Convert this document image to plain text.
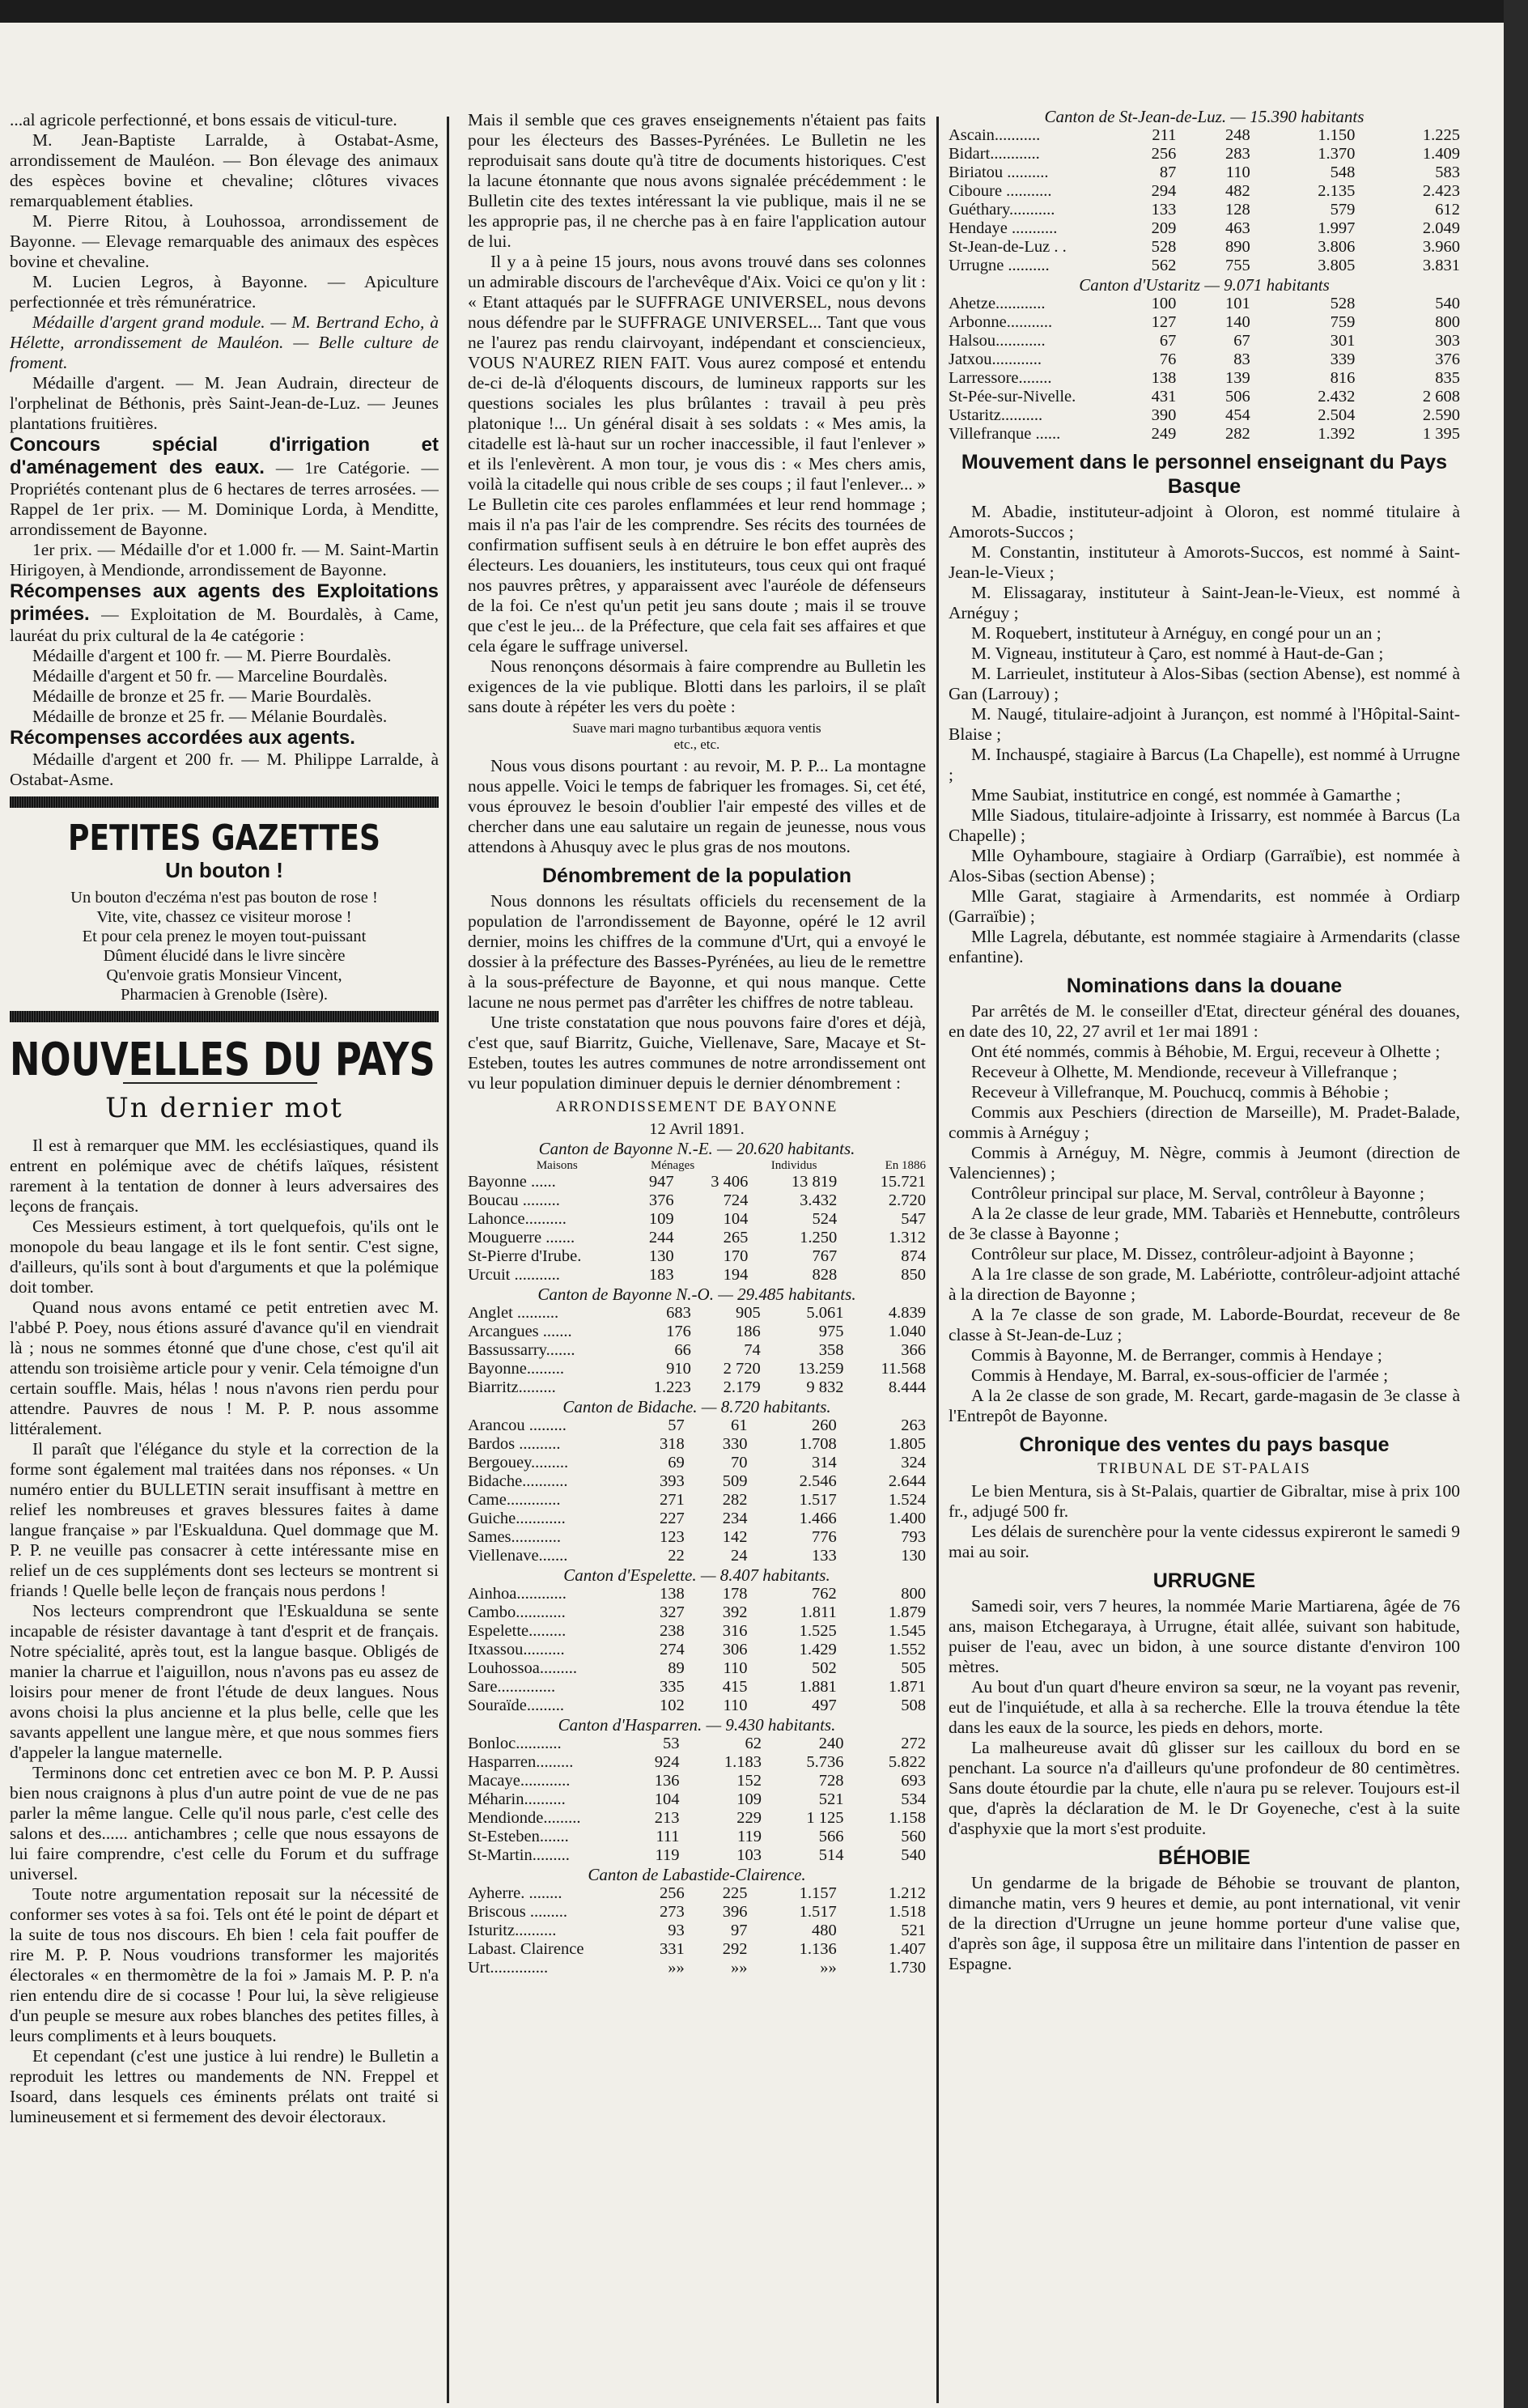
...al agricole perfectionné, et bons essais de viticul-ture.

M. Jean-Baptiste Larralde, à Ostabat-Asme, arrondissement de Mauléon. — Bon élevage des animaux des espèces bovine et chevaline; clôtures vivaces remarquablement établies.

M. Pierre Ritou, à Louhossoa, arrondissement de Bayonne. — Elevage remarquable des animaux des espèces bovine et chevaline.

M. Lucien Legros, à Bayonne. — Apiculture perfectionnée et très rémunératrice.

Médaille d'argent grand module. — M. Bertrand Echo, à Hélette, arrondissement de Mauléon. — Belle culture de froment.

Médaille d'argent. — M. Jean Audrain, directeur de l'orphelinat de Béthonis, près Saint-Jean-de-Luz. — Jeunes plantations fruitières.

Concours spécial d'irrigation et d'aménagement des eaux. — 1re Catégorie. — Propriétés contenant plus de 6 hectares de terres arrosées. — Rappel de 1er prix. — M. Dominique Lorda, à Menditte, arrondissement de Bayonne.

1er prix. — Médaille d'or et 1.000 fr. — M. Saint-Martin Hirigoyen, à Mendionde, arrondissement de Bayonne.

Récompenses aux agents des Exploitations primées. — Exploitation de M. Bourdalès, à Came, lauréat du prix cultural de la 4e catégorie :

Médaille d'argent et 100 fr. — M. Pierre Bourdalès.

Médaille d'argent et 50 fr. — Marceline Bourdalès.

Médaille de bronze et 25 fr. — Marie Bourdalès.

Médaille de bronze et 25 fr. — Mélanie Bourdalès.

Récompenses accordées aux agents.

Médaille d'argent et 200 fr. — M. Philippe Larralde, à Ostabat-Asme.

PETITES GAZETTES
Un bouton !
Un bouton d'eczéma n'est pas bouton de rose !
Vite, vite, chassez ce visiteur morose !
Et pour cela prenez le moyen tout-puissant
Dûment élucidé dans le livre sincère
Qu'envoie gratis Monsieur Vincent,
Pharmacien à Grenoble (Isère).
NOUVELLES DU PAYS
Un dernier mot

Il est à remarquer que MM. les ecclésiastiques, quand ils entrent en polémique avec de chétifs laïques, résistent rarement à la tentation de donner à leurs adversaires des leçons de français.

Ces Messieurs estiment, à tort quelquefois, qu'ils ont le monopole du beau langage et ils le font sentir. C'est signe, d'ailleurs, qu'ils sont à bout d'arguments et que la polémique doit tomber.

Quand nous avons entamé ce petit entretien avec M. l'abbé P. Poey, nous étions assuré d'avance qu'il en viendrait là ; nous ne sommes étonné que d'une chose, c'est qu'il ait attendu son troisième article pour y venir. Cela témoigne d'un certain souffle. Mais, hélas ! nous n'avons rien perdu pour attendre. Pauvres de nous ! M. P. P. nous assomme littéralement.

Il paraît que l'élégance du style et la correction de la forme sont également mal traitées dans nos réponses. « Un numéro entier du BULLETIN serait insuffisant à mettre en relief les nombreuses et graves blessures faites à dame langue française » par l'Eskualduna. Quel dommage que M. P. P. ne veuille pas consacrer à cette intéressante mise en relief un de ces suppléments dont ses lecteurs se montrent si friands ! Quelle belle leçon de français nous perdons !

Nos lecteurs comprendront que l'Eskualduna se sente incapable de résister davantage à tant d'esprit et de français. Notre spécialité, après tout, est la langue basque. Obligés de manier la charrue et l'aiguillon, nous n'avons pas eu assez de loisirs pour mener de front l'étude de deux langues. Nous avons choisi la plus ancienne et la plus belle, celle que les savants appellent une langue mère, et que nous sommes fiers d'appeler la langue maternelle.

Terminons donc cet entretien avec ce bon M. P. P. Aussi bien nous craignons à plus d'un autre point de vue de ne pas parler la même langue. Celle qu'il nous parle, c'est celle des salons et des...... antichambres ; celle que nous essayons de lui faire comprendre, c'est celle du Forum et du suffrage universel.

Toute notre argumentation reposait sur la nécessité de conformer ses votes à sa foi. Tels ont été le point de départ et la suite de tous nos discours. Eh bien ! cela fait pouffer de rire M. P. P. Nous voudrions transformer les majorités électorales « en thermomètre de la foi » Jamais M. P. P. n'a rien entendu dire de si cocasse ! Pour lui, la sève religieuse d'un peuple se mesure aux robes blanches des petites filles, à leurs compliments et à leurs bouquets.

Et cependant (c'est une justice à lui rendre) le Bulletin a reproduit les lettres ou mandements de NN. Freppel et Isoard, dans lesquels ces éminents prélats ont traité si lumineusement et si fermement des devoir électoraux.

Mais il semble que ces graves enseignements n'étaient pas faits pour les électeurs des Basses-Pyrénées. Le Bulletin ne les reproduisait sans doute qu'à titre de documents historiques. C'est la lacune étonnante que nous avons signalée précédemment : le Bulletin cite des textes intéressant la vie publique, mais il ne se les approprie pas, il ne cherche pas à en faire l'application autour de lui.

Il y a à peine 15 jours, nous avons trouvé dans ses colonnes un admirable discours de l'archevêque d'Aix. Voici ce qu'on y lit : « Etant attaqués par le SUFFRAGE UNIVERSEL, nous devons nous défendre par le SUFFRAGE UNIVERSEL... Tant que vous ne l'aurez pas rendu clairvoyant, indépendant et consciencieux, VOUS N'AUREZ RIEN FAIT. Vous aurez composé et entendu de-ci de-là d'éloquents discours, de lumineux rapports sur les questions sociales les plus brûlantes : travail à peu près platonique !... Un général disait à ses soldats : « Mes amis, la citadelle est là-haut sur un rocher inaccessible, il faut l'enlever » et ils l'enlevèrent. A mon tour, je vous dis : « Mes chers amis, voilà la citadelle qui nous crible de ses coups ; il faut l'enlever... » Le Bulletin cite ces paroles enflammées et leur rend hommage ; mais il n'a pas l'air de les comprendre. Ses récits des tournées de confirmation suffisent seuls à en détruire le bon effet auprès des électeurs. Les douaniers, les instituteurs, tous ceux qui ont fraqué nos pauvres prêtres, y apparaissent avec l'auréole de défenseurs de la foi. Ce n'est qu'un petit jeu sans doute ; mais il se trouve que c'est le jeu... de la Préfecture, que cela fait ses affaires et que cela égare le suffrage universel.

Nous renonçons désormais à faire comprendre au Bulletin les exigences de la vie publique. Blotti dans les parloirs, il se plaît sans doute à répéter les vers du poète :

Suave mari magno turbantibus æquora ventis
etc., etc.

Nous vous disons pourtant : au revoir, M. P. P... La montagne nous appelle. Voici le temps de fabriquer les fromages. Si, cet été, vous éprouvez le besoin d'oublier l'air empesté des villes et de chercher dans une eau salutaire un regain de jeunesse, nous vous attendons à Ahusquy avec le plus gras de nos moutons.

Dénombrement de la population

Nous donnons les résultats officiels du recensement de la population de l'arrondissement de Bayonne, opéré le 12 avril dernier, moins les chiffres de la commune d'Urt, qui a envoyé le dossier à la préfecture des Basses-Pyrénées, au lieu de le remettre à la sous-préfecture de Bayonne, et qui nous manque. Cette lacune ne nous permet pas d'arrêter les chiffres de notre tableau.

Une triste constatation que nous pouvons faire d'ores et déjà, c'est que, sauf Biarritz, Guiche, Viellenave, Sare, Macaye et St-Esteben, toutes les autres communes de notre arrondissement ont vu leur population diminuer depuis le dernier dénombrement :

ARRONDISSEMENT DE BAYONNE
12 Avril 1891.
Canton de Bayonne N.-E. — 20.620 habitants.
	Maisons	Ménages	Individus	En 1886
Bayonne ......	947	3 406	13 819	15.721
Boucau .........	376	724	3.432	2.720
Lahonce..........	109	104	524	547
Mouguerre .......	244	265	1.250	1.312
St-Pierre d'Irube.	130	170	767	874
Urcuit ...........	183	194	828	850
Canton de Bayonne N.-O. — 29.485 habitants.
Anglet ..........	683	905	5.061	4.839
Arcangues .......	176	186	975	1.040
Bassussarry.......	66	74	358	366
Bayonne.........	910	2 720	13.259	11.568
Biarritz.........	1.223	2.179	9 832	8.444
Canton de Bidache. — 8.720 habitants.
Arancou .........	57	61	260	263
Bardos ..........	318	330	1.708	1.805
Bergouey.........	69	70	314	324
Bidache...........	393	509	2.546	2.644
Came.............	271	282	1.517	1.524
Guiche............	227	234	1.466	1.400
Sames............	123	142	776	793
Viellenave.......	22	24	133	130
Canton d'Espelette. — 8.407 habitants.
Ainhoa............	138	178	762	800
Cambo............	327	392	1.811	1.879
Espelette.........	238	316	1.525	1.545
Itxassou..........	274	306	1.429	1.552
Louhossoa.........	89	110	502	505
Sare..............	335	415	1.881	1.871
Souraïde.........	102	110	497	508
Canton d'Hasparren. — 9.430 habitants.
Bonloc...........	53	62	240	272
Hasparren.........	924	1.183	5.736	5.822
Macaye............	136	152	728	693
Méharin..........	104	109	521	534
Mendionde.........	213	229	1 125	1.158
St-Esteben.......	111	119	566	560
St-Martin.........	119	103	514	540
Canton de Labastide-Clairence.
Ayherre. ........	256	225	1.157	1.212
Briscous .........	273	396	1.517	1.518
Isturitz..........	93	97	480	521
Labast. Clairence	331	292	1.136	1.407
Urt..............	»»	»»	»»	1.730
Canton de St-Jean-de-Luz. — 15.390 habitants
Ascain...........	211	248	1.150	1.225
Bidart............	256	283	1.370	1.409
Biriatou ..........	87	110	548	583
Ciboure ...........	294	482	2.135	2.423
Guéthary...........	133	128	579	612
Hendaye ...........	209	463	1.997	2.049
St-Jean-de-Luz . .	528	890	3.806	3.960
Urrugne ..........	562	755	3.805	3.831
Canton d'Ustaritz — 9.071 habitants
Ahetze............	100	101	528	540
Arbonne...........	127	140	759	800
Halsou............	67	67	301	303
Jatxou............	76	83	339	376
Larressore........	138	139	816	835
St-Pée-sur-Nivelle.	431	506	2.432	2 608
Ustaritz..........	390	454	2.504	2.590
Villefranque ......	249	282	1.392	1 395
Mouvement dans le personnel enseignant du Pays Basque

M. Abadie, instituteur-adjoint à Oloron, est nommé titulaire à Amorots-Succos ;

M. Constantin, instituteur à Amorots-Succos, est nommé à Saint-Jean-le-Vieux ;

M. Elissagaray, instituteur à Saint-Jean-le-Vieux, est nommé à Arnéguy ;

M. Roquebert, instituteur à Arnéguy, en congé pour un an ;

M. Vigneau, instituteur à Çaro, est nommé à Haut-de-Gan ;

M. Larrieulet, instituteur à Alos-Sibas (section Abense), est nommé à Gan (Larrouy) ;

M. Naugé, titulaire-adjoint à Jurançon, est nommé à l'Hôpital-Saint-Blaise ;

M. Inchauspé, stagiaire à Barcus (La Chapelle), est nommé à Urrugne ;

Mme Saubiat, institutrice en congé, est nommée à Gamarthe ;

Mlle Siadous, titulaire-adjointe à Irissarry, est nommée à Barcus (La Chapelle) ;

Mlle Oyhamboure, stagiaire à Ordiarp (Garraïbie), est nommée à Alos-Sibas (section Abense) ;

Mlle Garat, stagiaire à Armendarits, est nommée à Ordiarp (Garraïbie) ;

Mlle Lagrela, débutante, est nommée stagiaire à Armendarits (classe enfantine).

Nominations dans la douane

Par arrêtés de M. le conseiller d'Etat, directeur général des douanes, en date des 10, 22, 27 avril et 1er mai 1891 :

Ont été nommés, commis à Béhobie, M. Ergui, receveur à Olhette ;

Receveur à Olhette, M. Mendionde, receveur à Villefranque ;

Receveur à Villefranque, M. Pouchucq, commis à Béhobie ;

Commis aux Peschiers (direction de Marseille), M. Pradet-Balade, commis à Arnéguy ;

Commis à Arnéguy, M. Nègre, commis à Jeumont (direction de Valenciennes) ;

Contrôleur principal sur place, M. Serval, contrôleur à Bayonne ;

A la 2e classe de leur grade, MM. Tabariès et Hennebutte, contrôleurs de 3e classe à Bayonne ;

Contrôleur sur place, M. Dissez, contrôleur-adjoint à Bayonne ;

A la 1re classe de son grade, M. Labériotte, contrôleur-adjoint attaché à la direction de Bayonne ;

A la 7e classe de son grade, M. Laborde-Bourdat, receveur de 8e classe à St-Jean-de-Luz ;

Commis à Bayonne, M. de Berranger, commis à Hendaye ;

Commis à Hendaye, M. Barral, ex-sous-officier de l'armée ;

A la 2e classe de son grade, M. Recart, garde-magasin de 3e classe à l'Entrepôt de Bayonne.

Chronique des ventes du pays basque
TRIBUNAL DE ST-PALAIS

Le bien Mentura, sis à St-Palais, quartier de Gibraltar, mise à prix 100 fr., adjugé 500 fr.

Les délais de surenchère pour la vente cidessus expireront le samedi 9 mai au soir.

URRUGNE

Samedi soir, vers 7 heures, la nommée Marie Martiarena, âgée de 76 ans, maison Etchegaraya, à Urrugne, était allée, suivant son habitude, puiser de l'eau, avec un bidon, à une source distante d'environ 100 mètres.

Au bout d'un quart d'heure environ sa sœur, ne la voyant pas revenir, eut de l'inquiétude, et alla à sa recherche. Elle la trouva étendue la tête dans les eaux de la source, les pieds en dehors, morte.

La malheureuse avait dû glisser sur les cailloux du bord en se penchant. La source n'a d'ailleurs qu'une profondeur de 80 centimètres. Sans doute étourdie par la chute, elle n'aura pu se relever. Toujours est-il que, d'après la déclaration de M. le Dr Goyeneche, c'est à la suite d'asphyxie que la mort s'est produite.

BÉHOBIE

Un gendarme de la brigade de Béhobie se trouvant de planton, dimanche matin, vers 9 heures et demie, au pont international, vit venir de la direction d'Urrugne un jeune homme porteur d'une valise que, d'après son âge, il supposa être un militaire dans l'intention de passer en Espagne.
